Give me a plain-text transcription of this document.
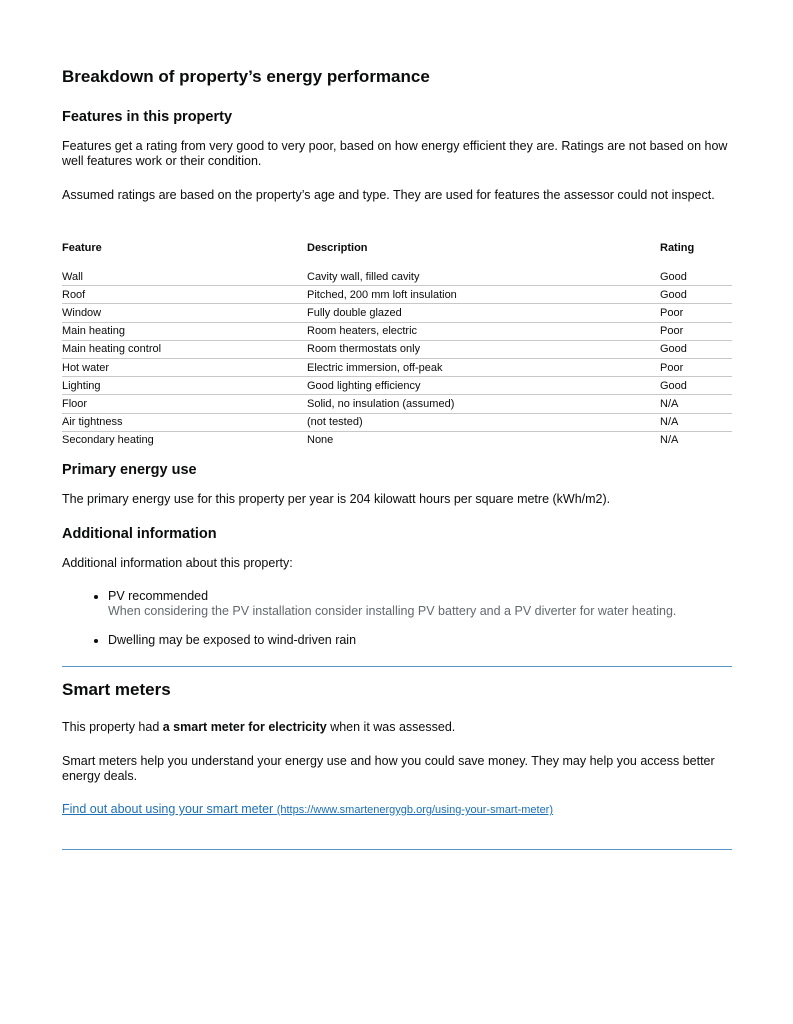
Breakdown of property’s energy performance
Features in this property

Features get a rating from very good to very poor, based on how energy efficient they are. Ratings are not based on how well features work or their condition.

Assumed ratings are based on the property’s age and type. They are used for features the assessor could not inspect.

Feature	Description	Rating

Wall	Cavity wall, filled cavity	Good
Roof	Pitched, 200 mm loft insulation	Good
Window	Fully double glazed	Poor
Main heating	Room heaters, electric	Poor
Main heating control	Room thermostats only	Good
Hot water	Electric immersion, off-peak	Poor
Lighting	Good lighting efficiency	Good
Floor	Solid, no insulation (assumed)	N/A
Air tightness	(not tested)	N/A
Secondary heating	None	N/A
Primary energy use

The primary energy use for this property per year is 204 kilowatt hours per square metre (kWh/m2).

Additional information

Additional information about this property:

• PV recommended
When considering the PV installation consider installing PV battery and a PV diverter for water heating.
• Dwelling may be exposed to wind-driven rain
Smart meters

This property had a smart meter for electricity when it was assessed.

Smart meters help you understand your energy use and how you could save money. They may help you access better energy deals.

Find out about using your smart meter (https://www.smartenergygb.org/using-your-smart-meter)
